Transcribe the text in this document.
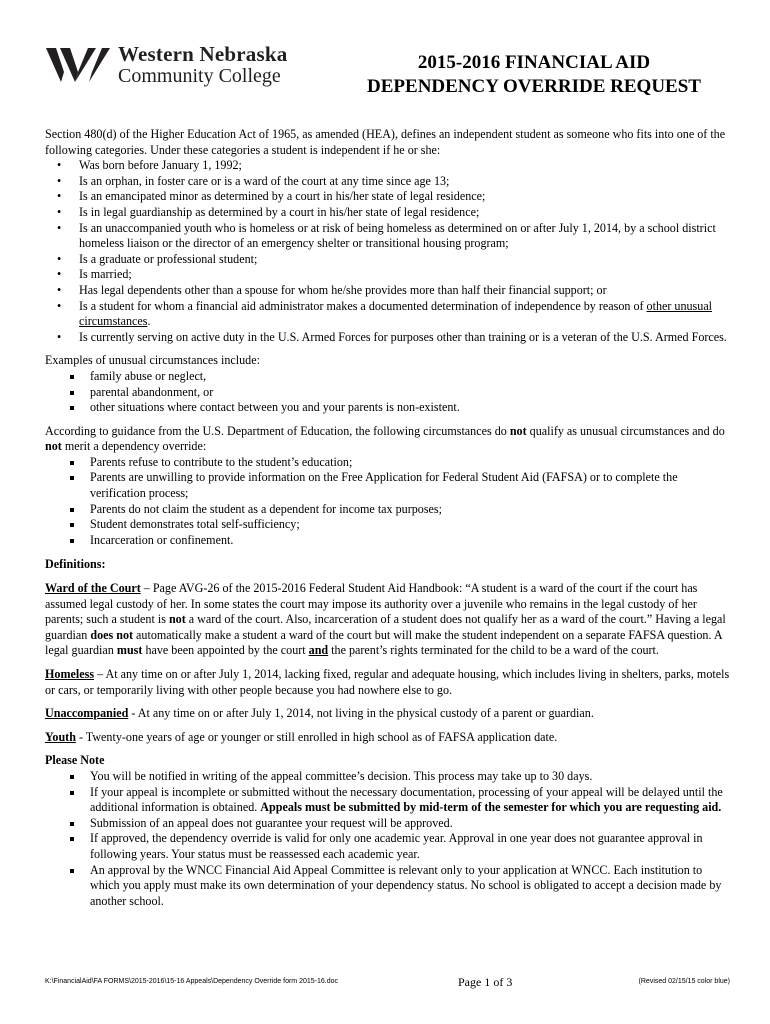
Western Nebraska
Community College
2015-2016 FINANCIAL AID
DEPENDENCY OVERRIDE REQUEST

Section 480(d) of the Higher Education Act of 1965, as amended (HEA), defines an independent student as someone who fits into one of the following categories. Under these categories a student is independent if he or she:

• Was born before January 1, 1992;
• Is an orphan, in foster care or is a ward of the court at any time since age 13;
• Is an emancipated minor as determined by a court in his/her state of legal residence;
• Is in legal guardianship as determined by a court in his/her state of legal residence;
• Is an unaccompanied youth who is homeless or at risk of being homeless as determined on or after July 1, 2014, by a school district homeless liaison or the director of an emergency shelter or transitional housing program;
• Is a graduate or professional student;
• Is married;
• Has legal dependents other than a spouse for whom he/she provides more than half their financial support; or
• Is a student for whom a financial aid administrator makes a documented determination of independence by reason of other unusual circumstances.
• Is currently serving on active duty in the U.S. Armed Forces for purposes other than training or is a veteran of the U.S. Armed Forces.

Examples of unusual circumstances include:

family abuse or neglect,
parental abandonment, or
other situations where contact between you and your parents is non-existent.

According to guidance from the U.S. Department of Education, the following circumstances do not qualify as unusual circumstances and do not merit a dependency override:

Parents refuse to contribute to the student’s education;
Parents are unwilling to provide information on the Free Application for Federal Student Aid (FAFSA) or to complete the verification process;
Parents do not claim the student as a dependent for income tax purposes;
Student demonstrates total self-sufficiency;
Incarceration or confinement.

Definitions:

Ward of the Court – Page AVG-26 of the 2015-2016 Federal Student Aid Handbook: “A student is a ward of the court if the court has assumed legal custody of her. In some states the court may impose its authority over a juvenile who remains in the legal custody of her parents; such a student is not a ward of the court. Also, incarceration of a student does not qualify her as a ward of the court.” Having a legal guardian does not automatically make a student a ward of the court but will make the student independent on a separate FAFSA question. A legal guardian must have been appointed by the court and the parent’s rights terminated for the child to be a ward of the court.

Homeless – At any time on or after July 1, 2014, lacking fixed, regular and adequate housing, which includes living in shelters, parks, motels or cars, or temporarily living with other people because you had nowhere else to go.

Unaccompanied - At any time on or after July 1, 2014, not living in the physical custody of a parent or guardian.

Youth - Twenty-one years of age or younger or still enrolled in high school as of FAFSA application date.

Please Note

You will be notified in writing of the appeal committee’s decision. This process may take up to 30 days.
If your appeal is incomplete or submitted without the necessary documentation, processing of your appeal will be delayed until the additional information is obtained. Appeals must be submitted by mid-term of the semester for which you are requesting aid.
Submission of an appeal does not guarantee your request will be approved.
If approved, the dependency override is valid for only one academic year. Approval in one year does not guarantee approval in following years. Your status must be reassessed each academic year.
An approval by the WNCC Financial Aid Appeal Committee is relevant only to your application at WNCC. Each institution to which you apply must make its own determination of your dependency status. No school is obligated to accept a decision made by another school.
K:\FinancialAid\FA FORMS\2015-2016\15-16 Appeals\Dependency Override form 2015-16.doc	Page 1 of 3	(Revised 02/15/15 color blue)
